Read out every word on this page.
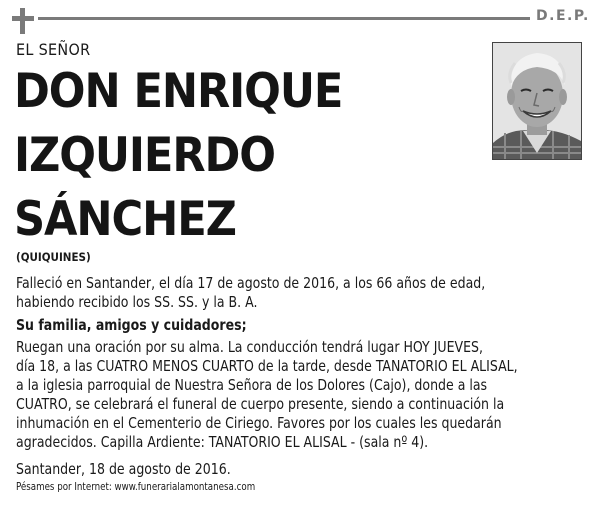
D.E.P.
EL SEÑOR
DON ENRIQUE
IZQUIERDO
SÁNCHEZ
(QUIQUINES)
Falleció en Santander, el día 17 de agosto de 2016, a los 66 años de edad,
habiendo recibido los SS. SS. y la B. A.
Su familia, amigos y cuidadores;
Ruegan una oración por su alma. La conducción tendrá lugar HOY JUEVES,
día 18, a las CUATRO MENOS CUARTO de la tarde, desde TANATORIO EL ALISAL,
a la iglesia parroquial de Nuestra Señora de los Dolores (Cajo), donde a las
CUATRO, se celebrará el funeral de cuerpo presente, siendo a continuación la
inhumación en el Cementerio de Ciriego. Favores por los cuales les quedarán
agradecidos. Capilla Ardiente: TANATORIO EL ALISAL - (sala nº 4).
Santander, 18 de agosto de 2016.
Pésames por Internet: www.funerarialamontanesa.com
